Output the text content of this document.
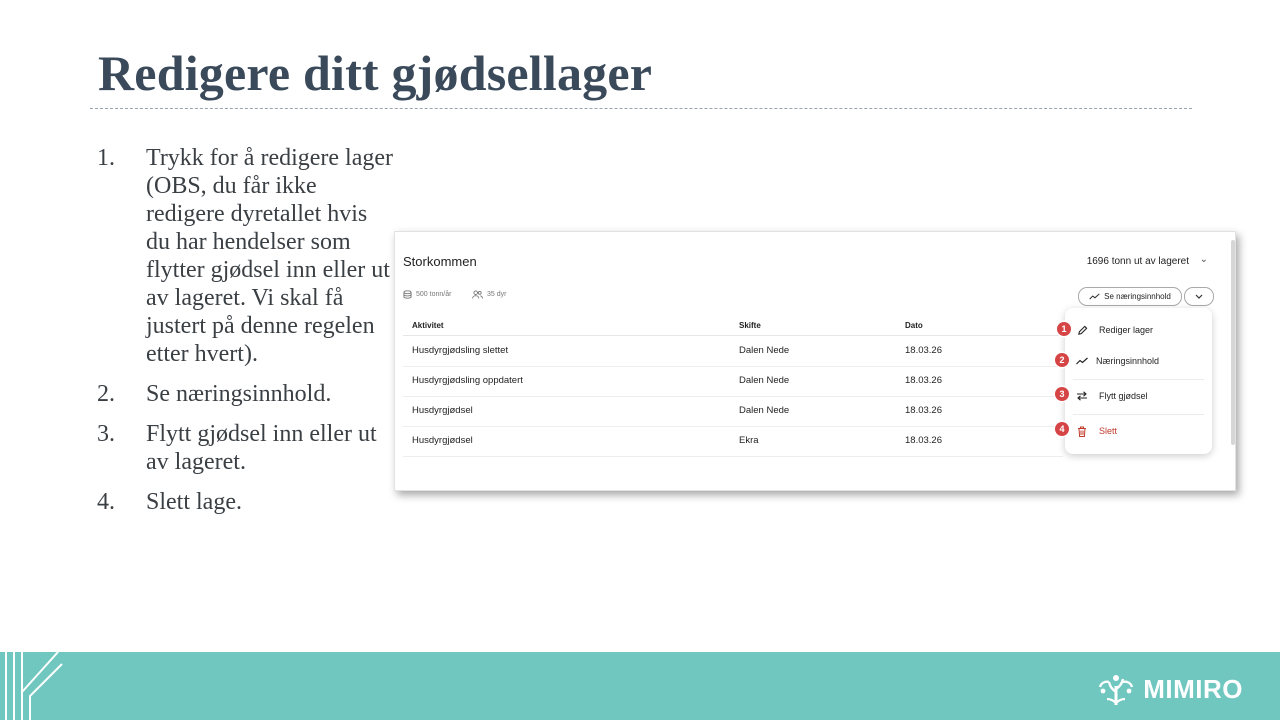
Redigere ditt gjødsellager
1.	Trykk for å redigere lager (OBS, du får ikke redigere dyretallet hvis du har hendelser som flytter gjødsel inn eller ut av lageret. Vi skal få justert på denne regelen etter hvert).
2.	Se næringsinnhold.
3.	Flytt gjødsel inn eller ut av lageret.
4.	Slett lage.
Storkommen	1696 tonn ut av lageret ⌄
500 tonn/år	35 dyr	Se næringsinnhold
Aktivitet	Skifte	Dato
Husdyrgjødsling slettet	Dalen Nede	18.03.26
Husdyrgjødsling oppdatert	Dalen Nede	18.03.26
Husdyrgjødsel	Dalen Nede	18.03.26
Husdyrgjødsel	Ekra	18.03.26
Rediger lager
Næringsinnhold
Flytt gjødsel
Slett
1
2
3
4
MIMIRO
